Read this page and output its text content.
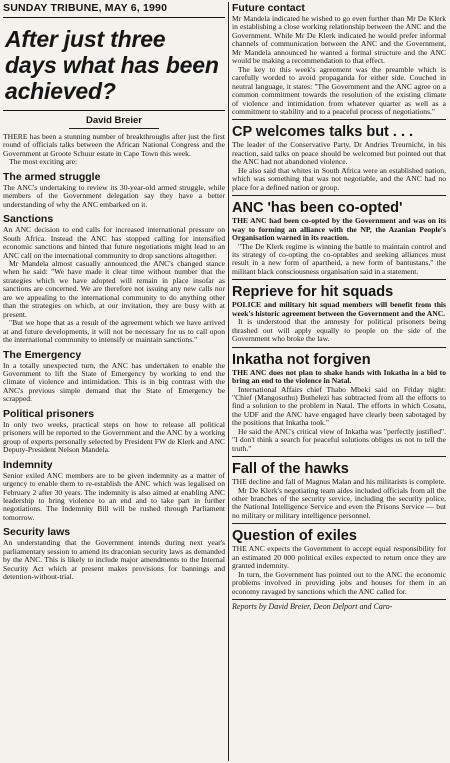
SUNDAY TRIBUNE, MAY 6, 1990
After just three days what has been achieved?
David Breier

THERE has been a stunning number of breakthroughs after just the first round of officials talks between the African National Congress and the Government at Groote Schuur estate in Cape Town this week.

The most exciting are:

The armed struggle

The ANC's undertaking to review its 30-year-old armed struggle, while members of the Government delegation say they have a better understanding of why the ANC embarked on it.

Sanctions

An ANC decision to end calls for increased international pressure on South Africa. Instead the ANC has stopped calling for intensified economic sanctions and hinted that future negotiations might lead to an ANC call on the international community to drop sanctions altogether.

Mr Mandela almost casually announced the ANC's changed stance when he said: "We have made it clear time without number that the strategies which we have adopted will remain in place insofar as sanctions are concerned. We are therefore not issuing any new calls nor are we appealing to the international community to do anything other than the strategies on which, at our invitation, they are busy with at present.

"But we hope that as a result of the agreement which we have arrived at and future developments, it will not be necessary for us to call upon the international community to intensify or maintain sanctions."

The Emergency

In a totally unexpected turn, the ANC has undertaken to enable the Government to lift the State of Emergency by working to end the climate of violence and intimidation. This is in big contrast with the ANC's previous simple demand that the State of Emergency be scrapped.

Political prisoners

In only two weeks, practical steps on how to release all political prisoners will be reported to the Government and the ANC by a working group of experts personally selected by President FW de Klerk and ANC Deputy-President Nelson Mandela.

Indemnity

Senior exiled ANC members are to be given indemnity as a matter of urgency to enable them to re-establish the ANC which was legalised on February 2 after 30 years. The indemnity is also aimed at enabling ANC leadership to bring violence to an end and to take part in further negotiations. The Indemnity Bill will be rushed through Parliament tomorrow.

Security laws

An understanding that the Government intends during next year's parliamentary session to amend its draconian security laws as demanded by the ANC. This is likely to include major amendments to the Internal Security Act which at present makes provisions for bannings and detention-without-trial.

Future contact

Mr Mandela indicated he wished to go even further than Mr De Klerk in establishing a close working relationship between the ANC and the Government. While Mr De Klerk indicated he would prefer informal channels of communication between the ANC and the Government, Mr Mandela announced he wanted a formal structure and the ANC would be making a recommendation to that effect.

The key to this week's agreement was the preamble which is carefully worded to avoid propaganda for either side. Couched in neutral language, it states: "The Government and the ANC agree on a common commitment towards the resolution of the existing climate of violence and intimidation from whatever quarter as well as a commitment to stability and to a peaceful process of negotiations."

CP welcomes talks but . . .

The leader of the Conservative Party, Dr Andries Treurnicht, in his reaction, said talks on peace should be welcomed but pointed out that the ANC had not abandoned violence.

He also said that whites in South Africa were an established nation, which was something that was not negotiable, and the ANC had no place for a defined nation or group.

ANC 'has been co-opted'

THE ANC had been co-opted by the Government and was on its way to forming an alliance with the NP, the Azanian People's Organisation warned in its reaction.

"The De Klerk regime is winning the battle to maintain control and its strategy of co-opting the co-optables and seeking alliances must result in a new form of apartheid, a new form of bantustans," the militant black consciousness organisation said in a statement.

Reprieve for hit squads

POLICE and military hit squad members will benefit from this week's historic agreement between the Government and the ANC.

It is understood that the amnesty for political prisoners being thrashed out will apply equally to people on the side of the Government who broke the law.

Inkatha not forgiven

THE ANC does not plan to shake hands with Inkatha in a bid to bring an end to the violence in Natal.

International Affairs chief Thabo Mbeki said on Friday night: "Chief (Mangosuthu) Buthelezi has subtracted from all the efforts to find a solution to the problem in Natal. The efforts in which Cosatu, the UDF and the ANC have engaged have clearly been sabotaged by the positions that Inkatha took."

He said the ANC's critical view of Inkatha was "perfectly justified". "I don't think a search for peaceful solutions obliges us not to tell the truth."

Fall of the hawks

THE decline and fall of Magnus Malan and his militarists is complete.

Mr De Klerk's negotiating team aides included officials from all the other branches of the security service, including the security police, the National Intelligence Service and even the Prisons Service — but no military or military intelligence personnel.

Question of exiles

THE ANC expects the Government to accept equal responsibility for an estimated 20 000 political exiles expected to return once they are granted indemnity.

In turn, the Government has pointed out to the ANC the economic problems involved in providing jobs and houses for them in an economy ravaged by sanctions which the ANC called for.

Reports by David Breier, Deon Delport and Caro-
